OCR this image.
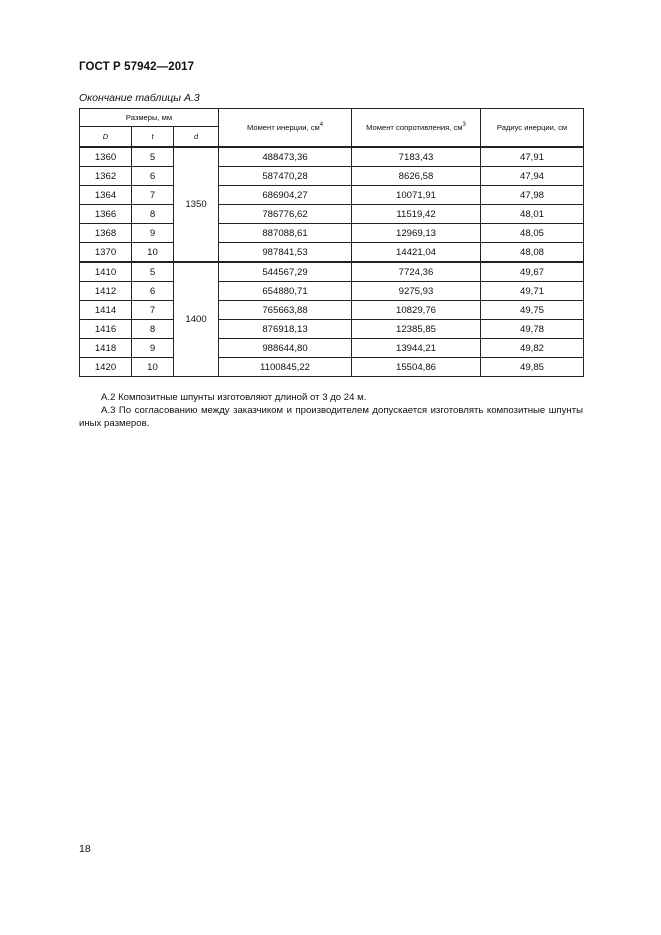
ГОСТ Р 57942—2017
Окончание таблицы А.3
Размеры, мм			Момент инерции, $см^4$	Момент сопротивления, $см^3$	Радиус инерции, см
D	t	d			
1360	5	1350	488473,36	7183,43	47,91
1362	6		587470,28	8626,58	47,94
1364	7		686904,27	10071,91	47,98
1366	8		786776,62	11519,42	48,01
1368	9		887088,61	12969,13	48,05
1370	10		987841,53	14421,04	48,08
1410	5	1400	544567,29	7724,36	49,67
1412	6		654880,71	9275,93	49,71
1414	7		765663,88	10829,76	49,75
1416	8		876918,13	12385,85	49,78
1418	9		988644,80	13944,21	49,82
1420	10		1100845,22	15504,86	49,85
А.2 Композитные шпунты изготовляют длиной от 3 до 24 м.
А.3 По согласованию между заказчиком и производителем допускается изготовлять композитные шпунты иных размеров.
18
